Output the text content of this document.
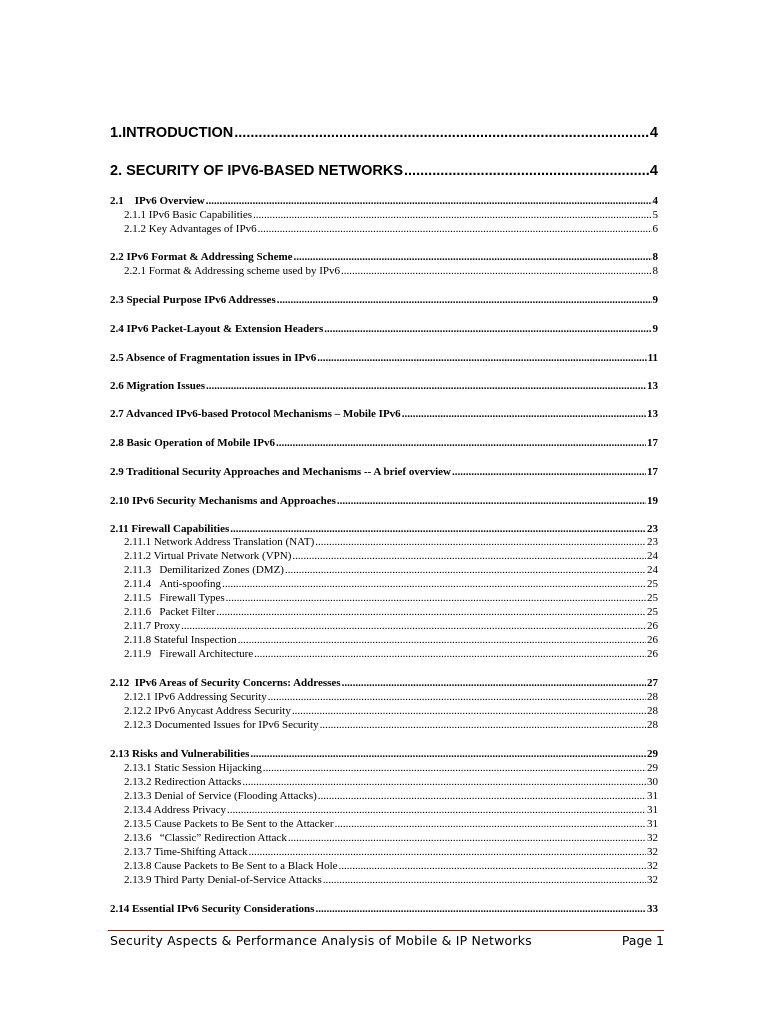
1.INTRODUCTION .....	4
2. SECURITY OF IPV6-BASED NETWORKS .....	4
2.1    IPv6 Overview .....	4
2.1.1 IPv6 Basic Capabilities .....	5
2.1.2 Key Advantages of IPv6 .....	6
2.2 IPv6 Format & Addressing Scheme .....	8
2.2.1 Format & Addressing scheme used by IPv6 .....	8
2.3 Special Purpose IPv6 Addresses .....	9
2.4 IPv6 Packet-Layout & Extension Headers .....	9
2.5 Absence of Fragmentation issues in IPv6 .....	11
2.6 Migration Issues .....	13
2.7 Advanced IPv6-based Protocol Mechanisms – Mobile IPv6 .....	13
2.8 Basic Operation of Mobile IPv6 .....	17
2.9 Traditional Security Approaches and Mechanisms -- A brief overview .....	17
2.10 IPv6 Security Mechanisms and Approaches .....	19
2.11 Firewall Capabilities .....	23
2.11.1 Network Address Translation (NAT) .....	23
2.11.2 Virtual Private Network (VPN) .....	24
2.11.3   Demilitarized Zones (DMZ) .....	24
2.11.4   Anti-spoofing .....	25
2.11.5   Firewall Types .....	25
2.11.6   Packet Filter .....	25
2.11.7 Proxy .....	26
2.11.8 Stateful Inspection .....	26
2.11.9   Firewall Architecture .....	26
2.12  IPv6 Areas of Security Concerns: Addresses .....	27
2.12.1 IPv6 Addressing Security .....	28
2.12.2 IPv6 Anycast Address Security .....	28
2.12.3 Documented Issues for IPv6 Security .....	28
2.13 Risks and Vulnerabilities .....	29
2.13.1 Static Session Hijacking .....	29
2.13.2 Redirection Attacks .....	30
2.13.3 Denial of Service (Flooding Attacks) .....	31
2.13.4 Address Privacy .....	31
2.13.5 Cause Packets to Be Sent to the Attacker .....	31
2.13.6   “Classic” Redirection Attack .....	32
2.13.7 Time-Shifting Attack .....	32
2.13.8 Cause Packets to Be Sent to a Black Hole .....	32
2.13.9 Third Party Denial-of-Service Attacks .....	32
2.14 Essential IPv6 Security Considerations .....	33
Security Aspects & Performance Analysis of Mobile & IP Networks	Page 1
